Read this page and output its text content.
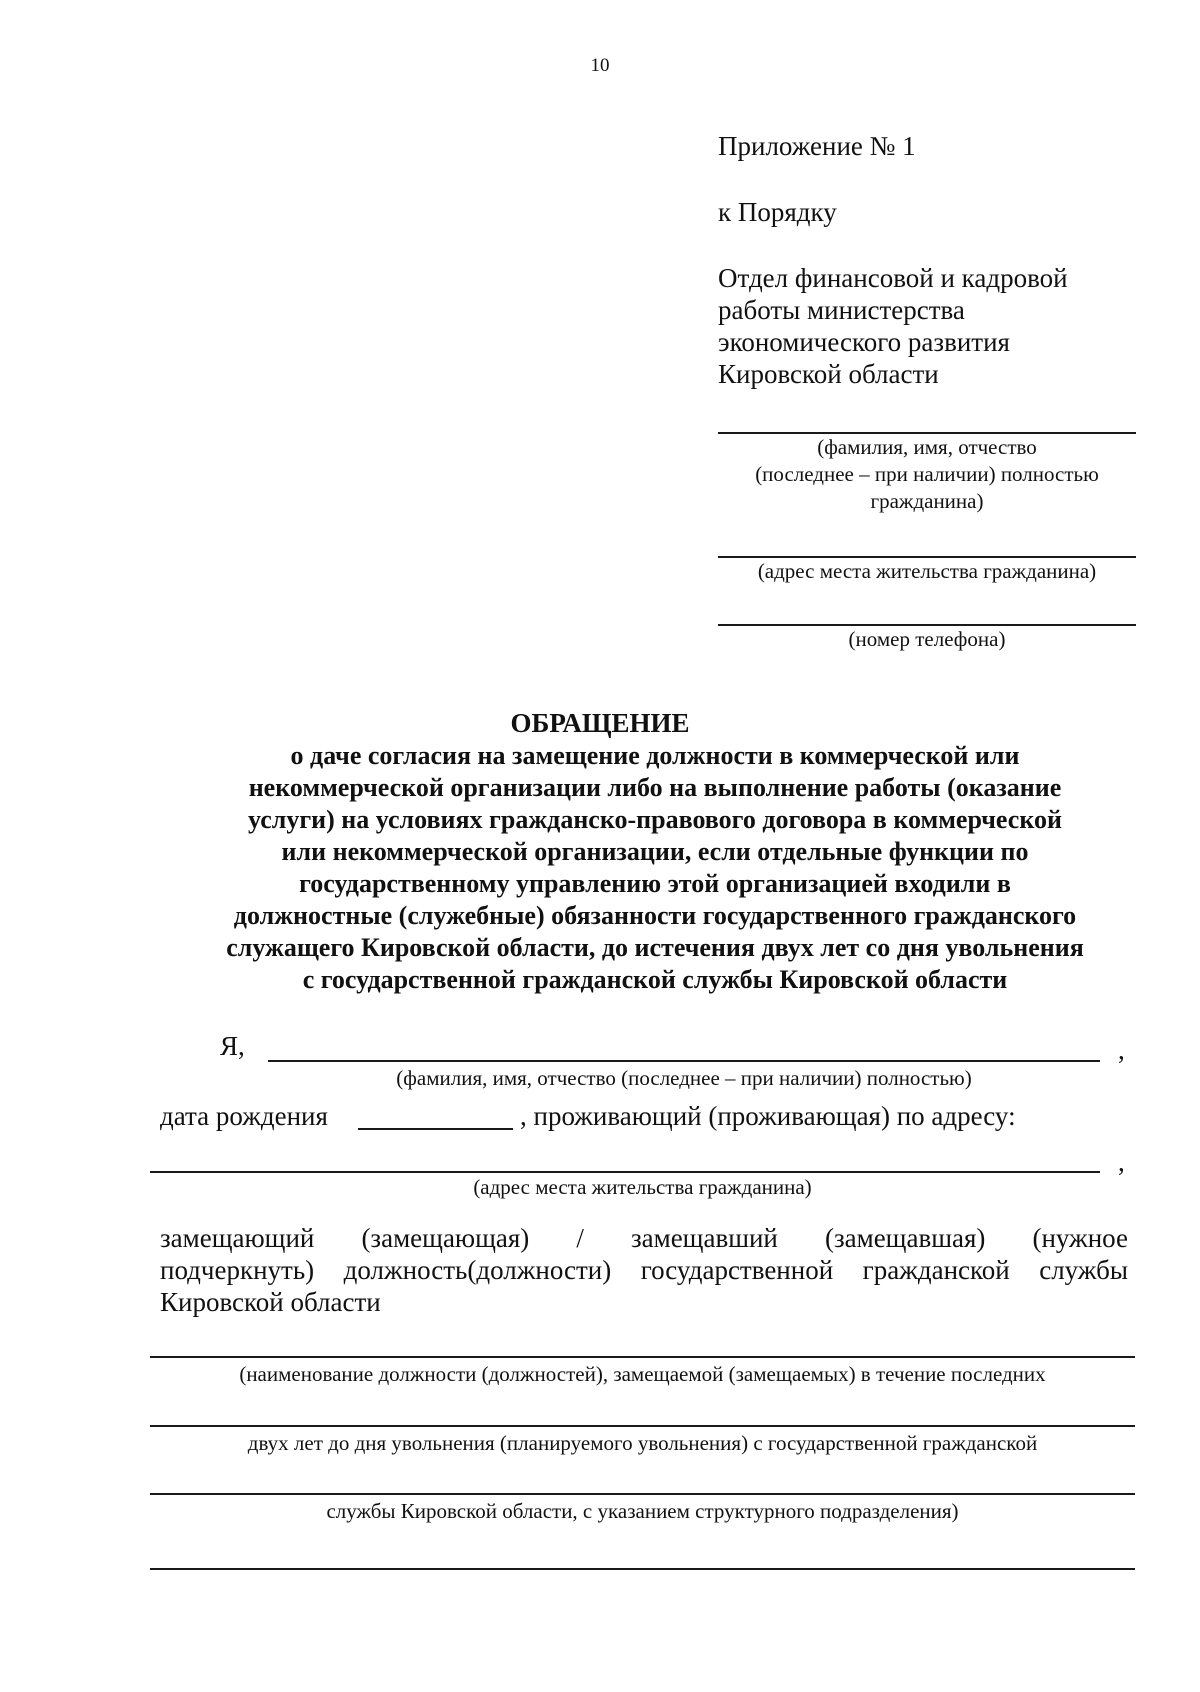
10
Приложение № 1
к Порядку
Отдел финансовой и кадровой
работы министерства
экономического развития
Кировской области
(фамилия, имя, отчество
(последнее – при наличии) полностью
гражданина)
(адрес места жительства гражданина)
(номер телефона)
ОБРАЩЕНИЕ
о даче согласия на замещение должности в коммерческой или
некоммерческой организации либо на выполнение работы (оказание
услуги) на условиях гражданско-правового договора в коммерческой
или некоммерческой организации, если отдельные функции по
государственному управлению этой организацией входили в
должностные (служебные) обязанности государственного гражданского
служащего Кировской области, до истечения двух лет со дня увольнения
с государственной гражданской службы Кировской области
Я,	,
(фамилия, имя, отчество (последнее – при наличии) полностью)
дата рождения	, проживающий (проживающая) по адресу:
,
(адрес места жительства гражданина)
замещающий (замещающая) / замещавший (замещавшая) (нужное
подчеркнуть) должность(должности) государственной гражданской службы
Кировской области
(наименование должности (должностей), замещаемой (замещаемых) в течение последних
двух лет до дня увольнения (планируемого увольнения) с государственной гражданской
службы Кировской области, с указанием структурного подразделения)
